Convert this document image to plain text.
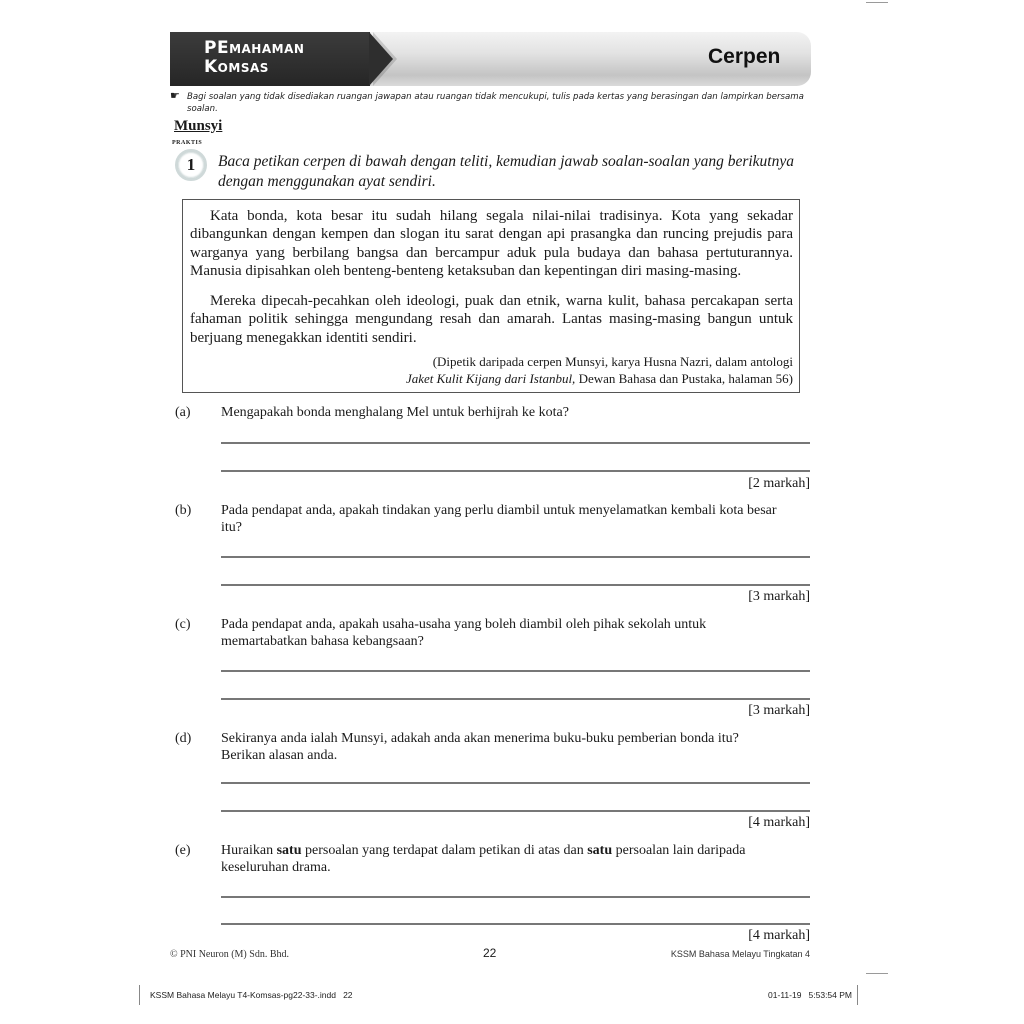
Cerpen
PEmahaman
Komsas
☛ Bagi soalan yang tidak disediakan ruangan jawapan atau ruangan tidak mencukupi, tulis pada kertas yang berasingan dan lampirkan bersama soalan.
Munsyi
PRAKTIS
1	Baca petikan cerpen di bawah dengan teliti, kemudian jawab soalan-soalan yang berikutnya dengan menggunakan ayat sendiri.

Kata bonda, kota besar itu sudah hilang segala nilai-nilai tradisinya. Kota yang sekadar dibangunkan dengan kempen dan slogan itu sarat dengan api prasangka dan runcing prejudis para warganya yang berbilang bangsa dan bercampur aduk pula budaya dan bahasa pertuturannya. Manusia dipisahkan oleh benteng-benteng ketaksuban dan kepentingan diri masing-masing.

Mereka dipecah-pecahkan oleh ideologi, puak dan etnik, warna kulit, bahasa percakapan serta fahaman politik sehingga mengundang resah dan amarah. Lantas masing-masing bangun untuk berjuang menegakkan identiti sendiri.

(Dipetik daripada cerpen Munsyi, karya Husna Nazri, dalam antologi
Jaket Kulit Kijang dari Istanbul, Dewan Bahasa dan Pustaka, halaman 56)

(a) Mengapakah bonda menghalang Mel untuk berhijrah ke kota?
[2 markah]
(b) Pada pendapat anda, apakah tindakan yang perlu diambil untuk menyelamatkan kembali kota besar itu?
[3 markah]
(c) Pada pendapat anda, apakah usaha-usaha yang boleh diambil oleh pihak sekolah untuk memartabatkan bahasa kebangsaan?
[3 markah]
(d) Sekiranya anda ialah Munsyi, adakah anda akan menerima buku-buku pemberian bonda itu? Berikan alasan anda.
[4 markah]
(e) Huraikan satu persoalan yang terdapat dalam petikan di atas dan satu persoalan lain daripada keseluruhan drama.
[4 markah]
© PNI Neuron (M) Sdn. Bhd.	22	KSSM Bahasa Melayu Tingkatan 4
KSSM Bahasa Melayu T4-Komsas-pg22-33-.indd   22	01-11-19   5:53:54 PM
